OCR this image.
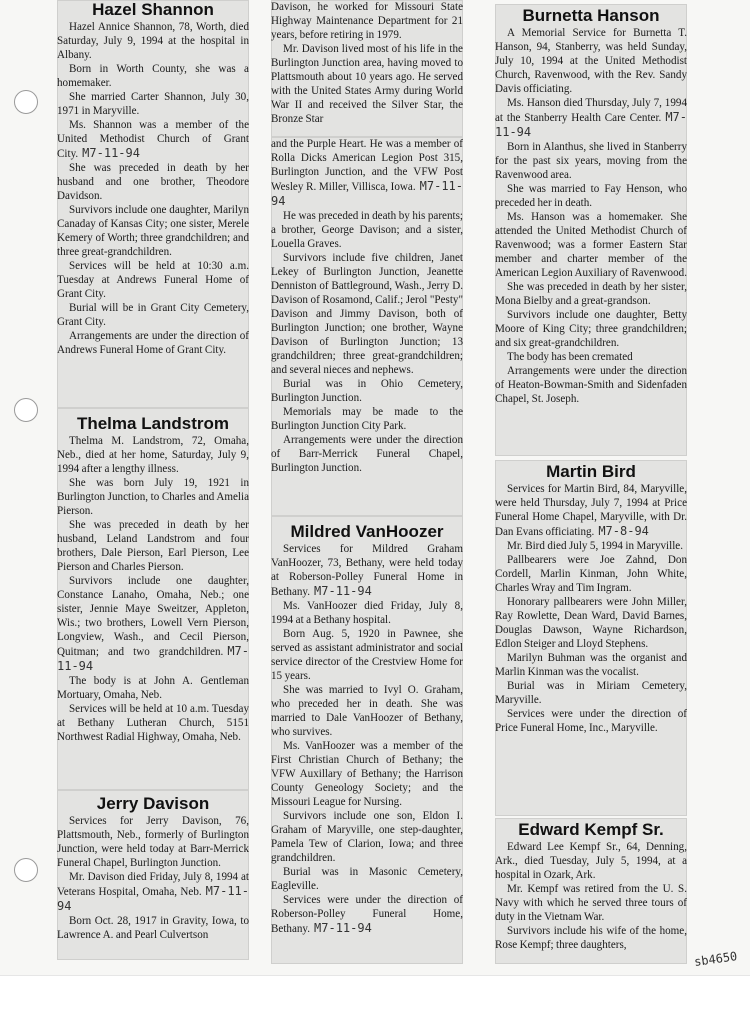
Hazel Shannon

Hazel Annice Shannon, 78, Worth, died Saturday, July 9, 1994 at the hospital in Albany.

Born in Worth County, she was a homemaker.

She married Carter Shannon, July 30, 1971 in Maryville.

Ms. Shannon was a member of the United Methodist Church of Grant City. M7-11-94

She was preceded in death by her husband and one brother, Theodore Davidson.

Survivors include one daughter, Marilyn Canaday of Kansas City; one sister, Merele Kemery of Worth; three grandchildren; and three great-grandchildren.

Services will be held at 10:30 a.m. Tuesday at Andrews Funeral Home of Grant City.

Burial will be in Grant City Cemetery, Grant City.

Arrangements are under the direction of Andrews Funeral Home of Grant City.

Thelma Landstrom

Thelma M. Landstrom, 72, Omaha, Neb., died at her home, Saturday, July 9, 1994 after a lengthy illness.

She was born July 19, 1921 in Burlington Junction, to Charles and Amelia Pierson.

She was preceded in death by her husband, Leland Landstrom and four brothers, Dale Pierson, Earl Pierson, Lee Pierson and Charles Pierson.

Survivors include one daughter, Constance Lanaho, Omaha, Neb.; one sister, Jennie Maye Sweitzer, Appleton, Wis.; two brothers, Lowell Vern Pierson, Longview, Wash., and Cecil Pierson, Quitman; and two grandchildren. M7-11-94

The body is at John A. Gentleman Mortuary, Omaha, Neb.

Services will be held at 10 a.m. Tuesday at Bethany Lutheran Church, 5151 Northwest Radial Highway, Omaha, Neb.

Jerry Davison

Services for Jerry Davison, 76, Plattsmouth, Neb., formerly of Burlington Junction, were held today at Barr-Merrick Funeral Chapel, Burlington Junction.

Mr. Davison died Friday, July 8, 1994 at Veterans Hospital, Omaha, Neb. M7-11-94

Born Oct. 28, 1917 in Gravity, Iowa, to Lawrence A. and Pearl Culvertson

Davison, he worked for Missouri State Highway Maintenance Department for 21 years, before retiring in 1979.

Mr. Davison lived most of his life in the Burlington Junction area, having moved to Plattsmouth about 10 years ago. He served with the United States Army during World War II and received the Silver Star, the Bronze Star

and the Purple Heart. He was a member of Rolla Dicks American Legion Post 315, Burlington Junction, and the VFW Post Wesley R. Miller, Villisca, Iowa. M7-11-94

He was preceded in death by his parents; a brother, George Davison; and a sister, Louella Graves.

Survivors include five children, Janet Lekey of Burlington Junction, Jeanette Denniston of Battleground, Wash., Jerry D. Davison of Rosamond, Calif.; Jerol "Pesty" Davison and Jimmy Davison, both of Burlington Junction; one brother, Wayne Davison of Burlington Junction; 13 grandchildren; three great-grandchildren; and several nieces and nephews.

Burial was in Ohio Cemetery, Burlington Junction.

Memorials may be made to the Burlington Junction City Park.

Arrangements were under the direction of Barr-Merrick Funeral Chapel, Burlington Junction.

Mildred VanHoozer

Services for Mildred Graham VanHoozer, 73, Bethany, were held today at Roberson-Polley Funeral Home in Bethany. M7-11-94

Ms. VanHoozer died Friday, July 8, 1994 at a Bethany hospital.

Born Aug. 5, 1920 in Pawnee, she served as assistant administrator and social service director of the Crestview Home for 15 years.

She was married to Ivyl O. Graham, who preceded her in death. She was married to Dale VanHoozer of Bethany, who survives.

Ms. VanHoozer was a member of the First Christian Church of Bethany; the VFW Auxillary of Bethany; the Harrison County Geneology Society; and the Missouri League for Nursing.

Survivors include one son, Eldon I. Graham of Maryville, one step-daughter, Pamela Tew of Clarion, Iowa; and three grandchildren.

Burial was in Masonic Cemetery, Eagleville.

Services were under the direction of Roberson-Polley Funeral Home, Bethany. M7-11-94

Burnetta Hanson

A Memorial Service for Burnetta T. Hanson, 94, Stanberry, was held Sunday, July 10, 1994 at the United Methodist Church, Ravenwood, with the Rev. Sandy Davis officiating.

Ms. Hanson died Thursday, July 7, 1994 at the Stanberry Health Care Center. M7-11-94

Born in Alanthus, she lived in Stanberry for the past six years, moving from the Ravenwood area.

She was married to Fay Henson, who preceded her in death.

Ms. Hanson was a homemaker. She attended the United Methodist Church of Ravenwood; was a former Eastern Star member and charter member of the American Legion Auxiliary of Ravenwood.

She was preceded in death by her sister, Mona Bielby and a great-grandson.

Survivors include one daughter, Betty Moore of King City; three grandchildren; and six great-grandchildren.

The body has been cremated

Arrangements were under the direction of Heaton-Bowman-Smith and Sidenfaden Chapel, St. Joseph.

Martin Bird

Services for Martin Bird, 84, Maryville, were held Thursday, July 7, 1994 at Price Funeral Home Chapel, Maryville, with Dr. Dan Evans officiating. M7-8-94

Mr. Bird died July 5, 1994 in Maryville.

Pallbearers were Joe Zahnd, Don Cordell, Marlin Kinman, John White, Charles Wray and Tim Ingram.

Honorary pallbearers were John Miller, Ray Rowlette, Dean Ward, David Barnes, Douglas Dawson, Wayne Richardson, Edlon Steiger and Lloyd Stephens.

Marilyn Buhman was the organist and Marlin Kinman was the vocalist.

Burial was in Miriam Cemetery, Maryville.

Services were under the direction of Price Funeral Home, Inc., Maryville.

Edward Kempf Sr.

Edward Lee Kempf Sr., 64, Denning, Ark., died Tuesday, July 5, 1994, at a hospital in Ozark, Ark.

Mr. Kempf was retired from the U. S. Navy with which he served three tours of duty in the Vietnam War.

Survivors include his wife of the home, Rose Kempf; three daughters,

sb4650
